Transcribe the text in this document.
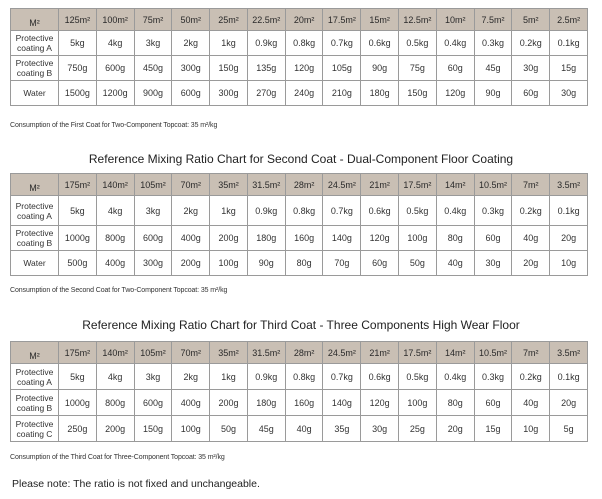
M²	125m²	100m²	75m²	50m²	25m²	22.5m²	20m²	17.5m²	15m²	12.5m²	10m²	7.5m²	5m²	2.5m²

Protective
coating A	5kg	4kg	3kg	2kg	1kg	0.9kg	0.8kg	0.7kg	0.6kg	0.5kg	0.4kg	0.3kg	0.2kg	0.1kg

Protective
coating B	750g	600g	450g	300g	150g	135g	120g	105g	90g	75g	60g	45g	30g	15g

Water	1500g	1200g	900g	600g	300g	270g	240g	210g	180g	150g	120g	90g	60g	30g
Consumption of the First Coat for Two-Component Topcoat: 35 m²/kg
Reference Mixing Ratio Chart for Second Coat - Dual-Component Floor Coating
M²	175m²	140m²	105m²	70m²	35m²	31.5m²	28m²	24.5m²	21m²	17.5m²	14m²	10.5m²	7m²	3.5m²

Protective
coating A	5kg	4kg	3kg	2kg	1kg	0.9kg	0.8kg	0.7kg	0.6kg	0.5kg	0.4kg	0.3kg	0.2kg	0.1kg

Protective
coating B	1000g	800g	600g	400g	200g	180g	160g	140g	120g	100g	80g	60g	40g	20g

Water	500g	400g	300g	200g	100g	90g	80g	70g	60g	50g	40g	30g	20g	10g
Consumption of the Second Coat for Two-Component Topcoat: 35 m²/kg
Reference Mixing Ratio Chart for Third Coat - Three Components High Wear Floor
M²	175m²	140m²	105m²	70m²	35m²	31.5m²	28m²	24.5m²	21m²	17.5m²	14m²	10.5m²	7m²	3.5m²

Protective
coating A	5kg	4kg	3kg	2kg	1kg	0.9kg	0.8kg	0.7kg	0.6kg	0.5kg	0.4kg	0.3kg	0.2kg	0.1kg

Protective
coating B	1000g	800g	600g	400g	200g	180g	160g	140g	120g	100g	80g	60g	40g	20g

Protective
coating C	250g	200g	150g	100g	50g	45g	40g	35g	30g	25g	20g	15g	10g	5g
Consumption of the Third Coat for Three-Component Topcoat: 35 m²/kg
Please note: The ratio is not fixed and unchangeable.
